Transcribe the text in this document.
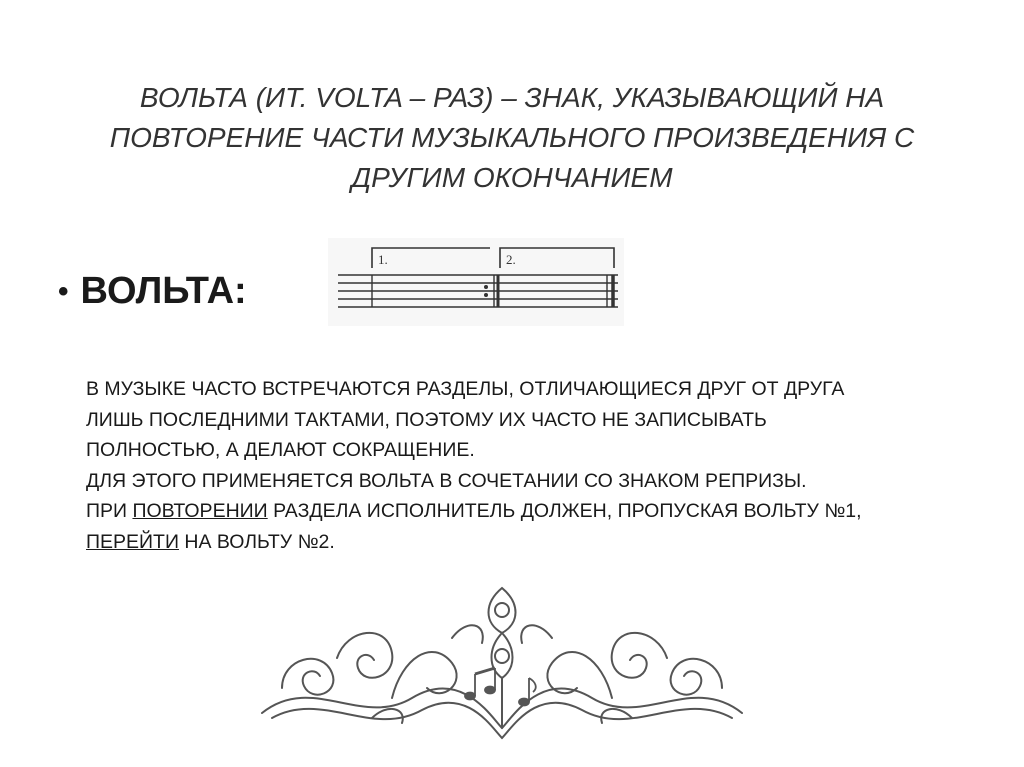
ВОЛЬТА (ИТ. VOLTA – РАЗ) – ЗНАК, УКАЗЫВАЮЩИЙ НА
ПОВТОРЕНИЕ ЧАСТИ МУЗЫКАЛЬНОГО ПРОИЗВЕДЕНИЯ С
ДРУГИМ ОКОНЧАНИЕМ
• ВОЛЬТА:
1.	2.
В МУЗЫКЕ ЧАСТО ВСТРЕЧАЮТСЯ РАЗДЕЛЫ, ОТЛИЧАЮЩИЕСЯ ДРУГ ОТ ДРУГА
ЛИШЬ ПОСЛЕДНИМИ ТАКТАМИ, ПОЭТОМУ ИХ ЧАСТО НЕ ЗАПИСЫВАТЬ
ПОЛНОСТЬЮ, А ДЕЛАЮТ СОКРАЩЕНИЕ.
ДЛЯ ЭТОГО ПРИМЕНЯЕТСЯ ВОЛЬТА В СОЧЕТАНИИ СО ЗНАКОМ РЕПРИЗЫ.
ПРИ ПОВТОРЕНИИ РАЗДЕЛА ИСПОЛНИТЕЛЬ ДОЛЖЕН, ПРОПУСКАЯ ВОЛЬТУ №1,
ПЕРЕЙТИ НА ВОЛЬТУ №2.
